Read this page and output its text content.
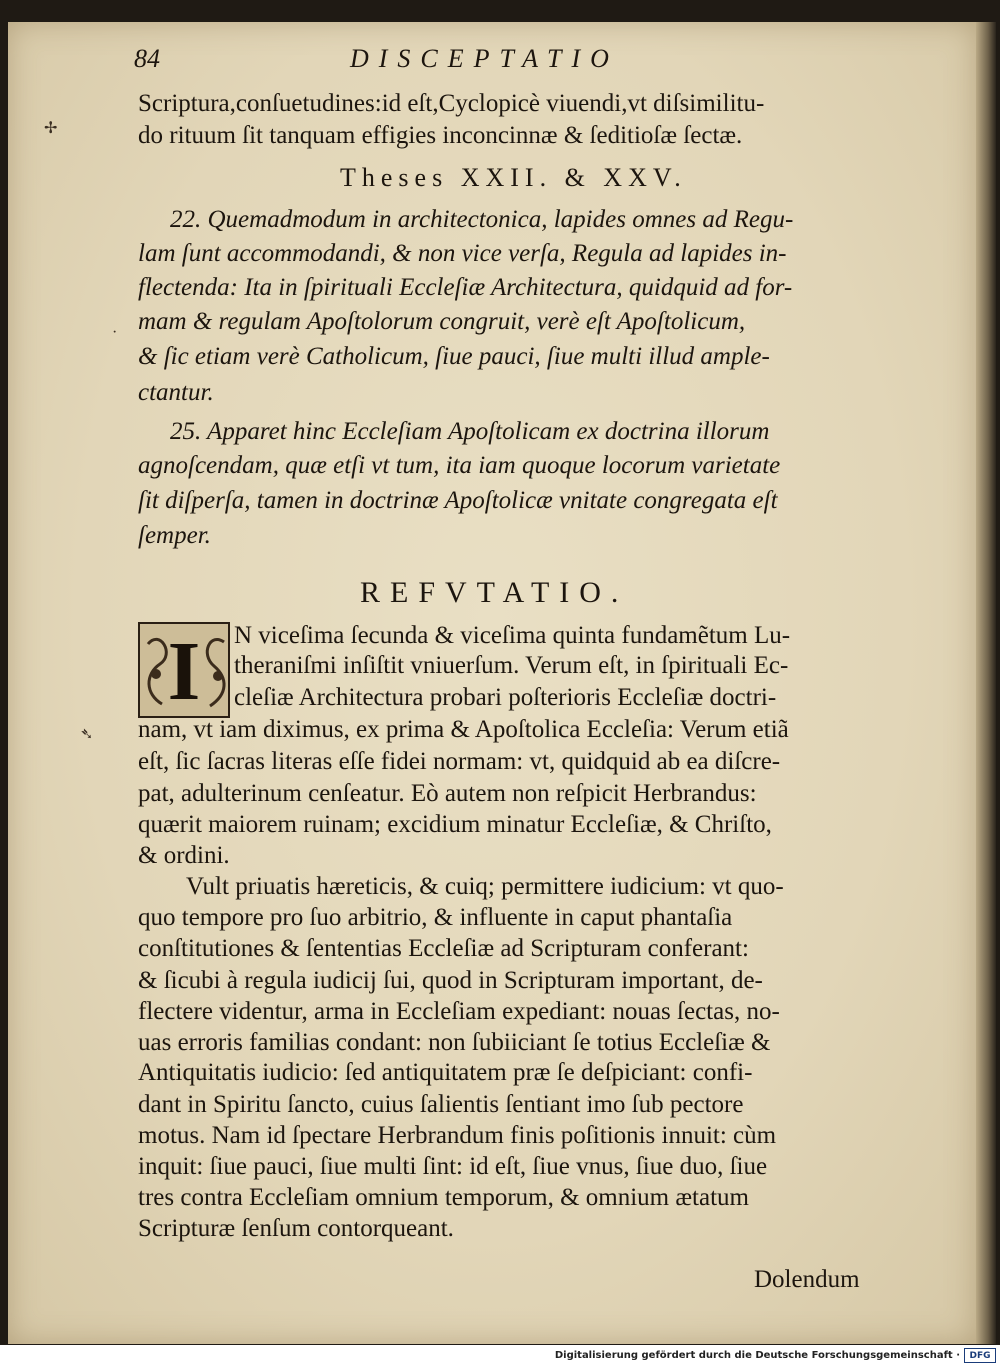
84	DISCEPTATIO
Scriptura,conſuetudines:id eſt,Cyclopicè viuendi,vt diſsimilitu-
do rituum ſit tanquam effigies inconcinnæ & ſeditioſæ ſectæ.
Theses XXII. & XXV.
22. Quemadmodum in architectonica, lapides omnes ad Regu-
lam ſunt accommodandi, & non vice verſa, Regula ad lapides in-
flectenda: Ita in ſpirituali Eccleſiæ Architectura, quidquid ad for-
mam & regulam Apoſtolorum congruit, verè eſt Apoſtolicum,
& ſic etiam verè Catholicum, ſiue pauci, ſiue multi illud ample-
ctantur.
25. Apparet hinc Eccleſiam Apoſtolicam ex doctrina illorum
agnoſcendam, quæ etſi vt tum, ita iam quoque locorum varietate
ſit diſperſa, tamen in doctrinæ Apoſtolicæ vnitate congregata eſt
ſemper.
REFVTATIO.
I	N viceſima ſecunda & viceſima quinta fundamẽtum Lu-
theraniſmi inſiſtit vniuerſum. Verum eſt, in ſpirituali Ec-
cleſiæ Architectura probari poſterioris Eccleſiæ doctri-
nam, vt iam diximus, ex prima & Apoſtolica Eccleſia: Verum etiã
eſt, ſic ſacras literas eſſe fidei normam: vt, quidquid ab ea diſcre-
pat, adulterinum cenſeatur. Eò autem non reſpicit Herbrandus:
quærit maiorem ruinam; excidium minatur Eccleſiæ, & Chriſto,
& ordini.
Vult priuatis hæreticis, & cuiq; permittere iudicium: vt quo-
quo tempore pro ſuo arbitrio, & influente in caput phantaſia
conſtitutiones & ſententias Eccleſiæ ad Scripturam conferant:
& ſicubi à regula iudicij ſui, quod in Scripturam important, de-
flectere videntur, arma in Eccleſiam expediant: nouas ſectas, no-
uas erroris familias condant: non ſubiiciant ſe totius Eccleſiæ &
Antiquitatis iudicio: ſed antiquitatem præ ſe deſpiciant: confi-
dant in Spiritu ſancto, cuius ſalientis ſentiant imo ſub pectore
motus. Nam id ſpectare Herbrandum finis poſitionis innuit: cùm
inquit: ſiue pauci, ſiue multi ſint: id eſt, ſiue vnus, ſiue duo, ſiue
tres contra Eccleſiam omnium temporum, & omnium ætatum
Scripturæ ſenſum contorqueant.
Dolendum
✢
·
➴
Digitalisierung gefördert durch die Deutsche Forschungsgemeinschaft ·	DFG
